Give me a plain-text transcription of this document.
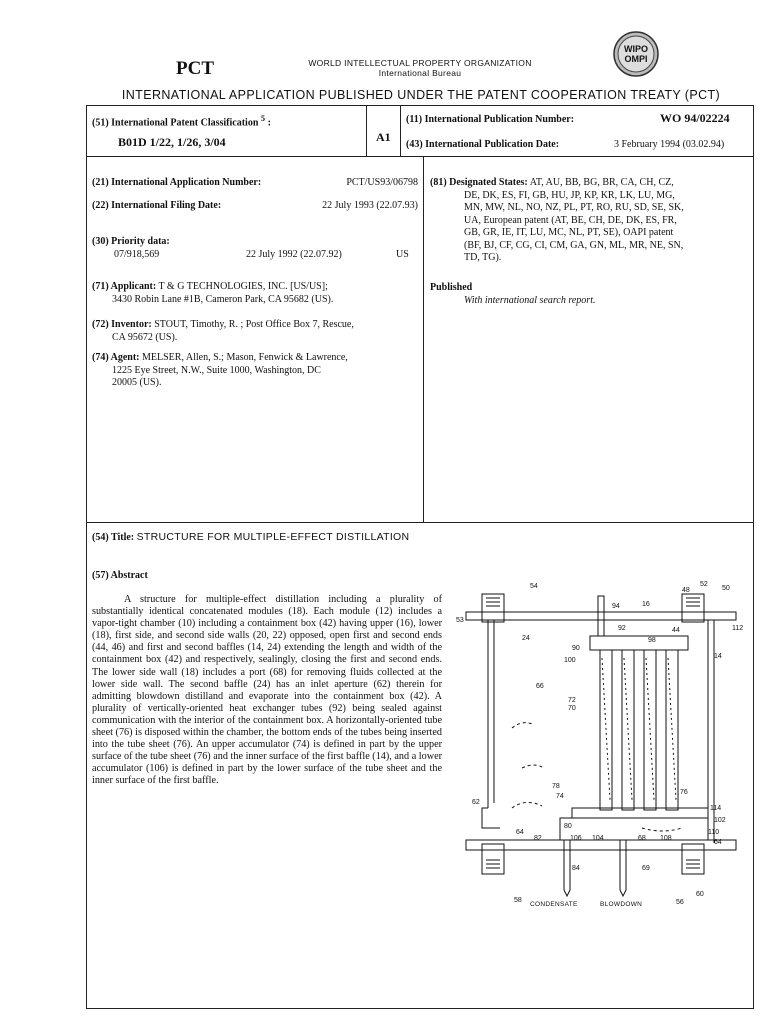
PCT	WORLD INTELLECTUAL PROPERTY ORGANIZATION
International Bureau
WIPO
OMPI
INTERNATIONAL APPLICATION PUBLISHED UNDER THE PATENT COOPERATION TREATY (PCT)
(51) International Patent Classification $^5$ :
B01D 1/22, 1/26, 3/04	A1
(11) International Publication Number:	WO 94/02224
(43) International Publication Date:	3 February 1994 (03.02.94)
(21) International Application Number:	PCT/US93/06798
(22) International Filing Date:	22 July 1993 (22.07.93)
(30) Priority data:
07/918,569	22 July 1992 (22.07.92)	US
(71) Applicant: T & G TECHNOLOGIES, INC. [US/US];
3430 Robin Lane #1B, Cameron Park, CA 95682 (US).
(72) Inventor: STOUT, Timothy, R. ; Post Office Box 7, Rescue,
CA 95672 (US).
(74) Agent: MELSER, Allen, S.; Mason, Fenwick & Lawrence,
1225 Eye Street, N.W., Suite 1000, Washington, DC
20005 (US).
(81) Designated States: AT, AU, BB, BG, BR, CA, CH, CZ,
DE, DK, ES, FI, GB, HU, JP, KP, KR, LK, LU, MG,
MN, MW, NL, NO, NZ, PL, PT, RO, RU, SD, SE, SK,
UA, European patent (AT, BE, CH, DE, DK, ES, FR,
GB, GR, IE, IT, LU, MC, NL, PT, SE), OAPI patent
(BF, BJ, CF, CG, CI, CM, GA, GN, ML, MR, NE, SN,
TD, TG).
Published
With international search report.
(54) Title: STRUCTURE FOR MULTIPLE-EFFECT DISTILLATION
(57) Abstract
A structure for multiple-effect distillation including a plurality of substantially identical concatenated modules (18). Each module (12) includes a vapor-tight chamber (10) including a containment box (42) having upper (16), lower (18), first side, and second side walls (20, 22) opposed, open first and second ends (44, 46) and first and second baffles (14, 24) extending the length and width of the containment box (42) and respectively, sealingly, closing the first and second ends. The lower side wall (18) includes a port (68) for removing fluids collected at the lower side wall. The second baffle (24) has an inlet aperture (62) therein for admitting blowdown distilland and evaporate into the containment box (42). A plurality of vertically-oriented heat exchanger tubes (92) being sealed against communication with the interior of the containment box. A horizontally-oriented tube sheet (76) is disposed within the chamber, the bottom ends of the tubes being inserted into the tube sheet (76). An upper accumulator (74) is defined in part by the upper surface of the tube sheet (76) and the inner surface of the first baffle (14), and a lower accumulator (106) is defined in part by the lower surface of the tube sheet and the inner surface of the first baffle.
54
48
52
50
53
94	16
112
24
92	44
90
98
100
14
66
72
70
76
78
114
62
74
102
80
110
64
82	106 104	68 108
64
69
84
58	56
60
CONDENSATE	BLOWDOWN
